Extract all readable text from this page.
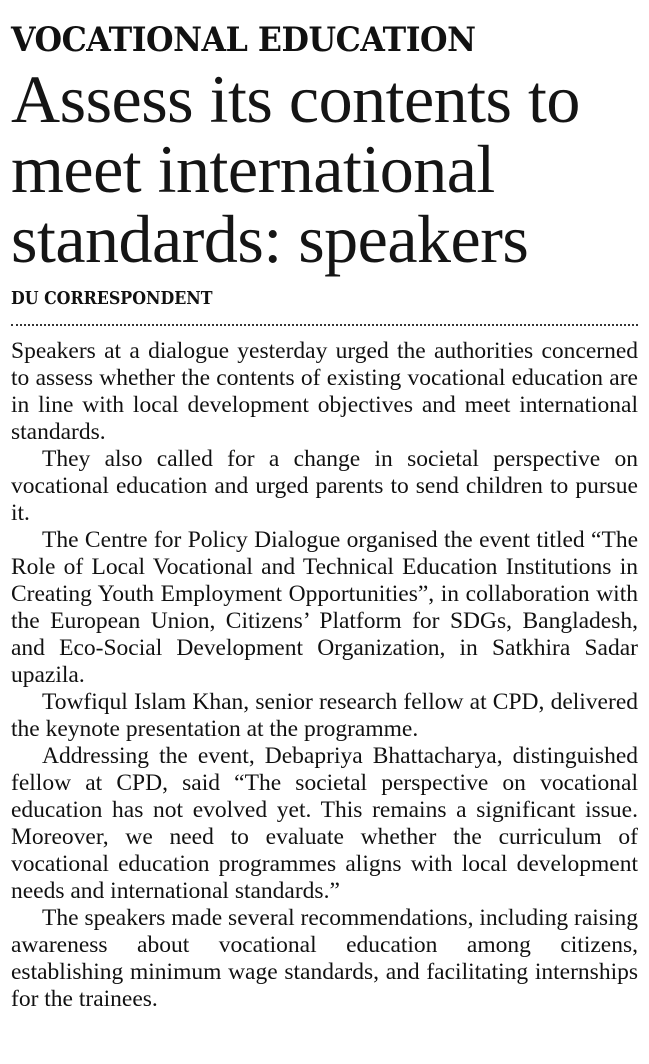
VOCATIONAL EDUCATION
Assess its contents to meet international standards: speakers
DU CORRESPONDENT

Speakers at a dialogue yesterday urged the authorities concerned to assess whether the contents of existing vocational education are in line with local development objectives and meet international standards.

They also called for a change in societal perspective on vocational education and urged parents to send children to pursue it.

The Centre for Policy Dialogue organised the event titled “The Role of Local Vocational and Technical Education Institutions in Creating Youth Employment Opportunities”, in collaboration with the European Union, Citizens’ Platform for SDGs, Bangladesh, and Eco-Social Development Organization, in Satkhira Sadar upazila.

Towfiqul Islam Khan, senior research fellow at CPD, delivered the keynote presentation at the programme.

Addressing the event, Debapriya Bhattacharya, distinguished fellow at CPD, said “The societal perspective on vocational education has not evolved yet. This remains a significant issue. Moreover, we need to evaluate whether the curriculum of vocational education programmes aligns with local development needs and international standards.”

The speakers made several recommendations, including raising awareness about vocational education among citizens, establishing minimum wage standards, and facilitating internships for the trainees.
